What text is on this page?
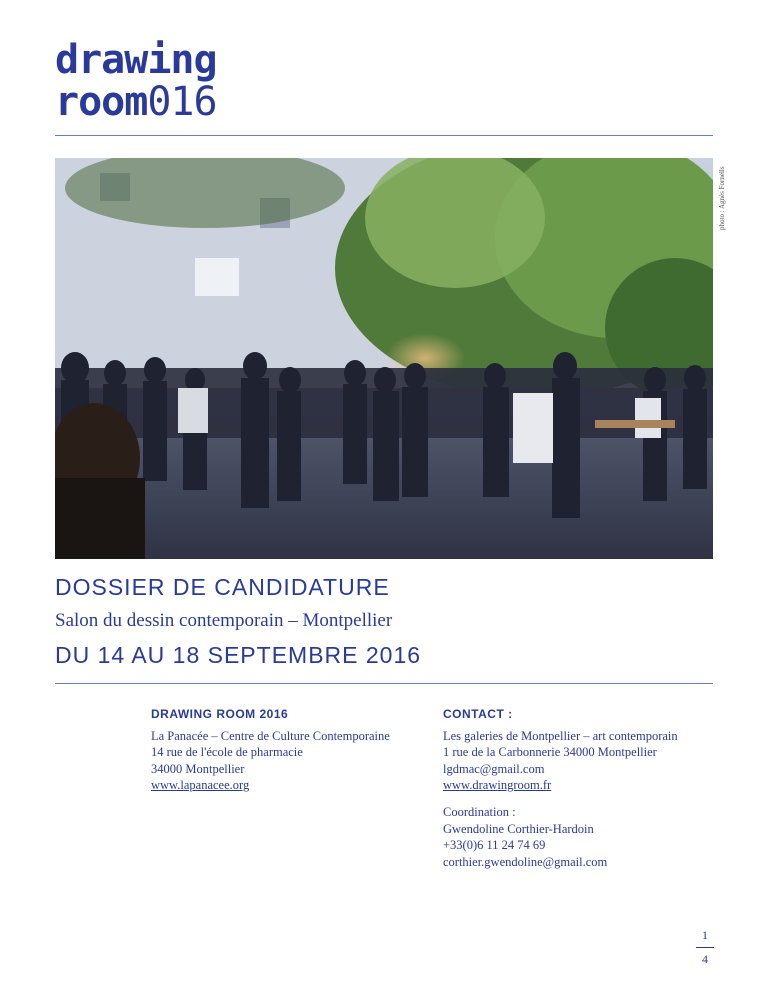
drawing
room016
photo : Agnès Fornells
DOSSIER DE CANDIDATURE
Salon du dessin contemporain – Montpellier
DU 14 AU 18 SEPTEMBRE 2016
DRAWING ROOM 2016
La Panacée – Centre de Culture Contemporaine
14 rue de l'école de pharmacie
34000 Montpellier
www.lapanacee.org
CONTACT :
Les galeries de Montpellier – art contemporain
1 rue de la Carbonnerie 34000 Montpellier
lgdmac@gmail.com
www.drawingroom.fr
Coordination :
Gwendoline Corthier-Hardoin
+33(0)6 11 24 74 69
corthier.gwendoline@gmail.com
1
4
